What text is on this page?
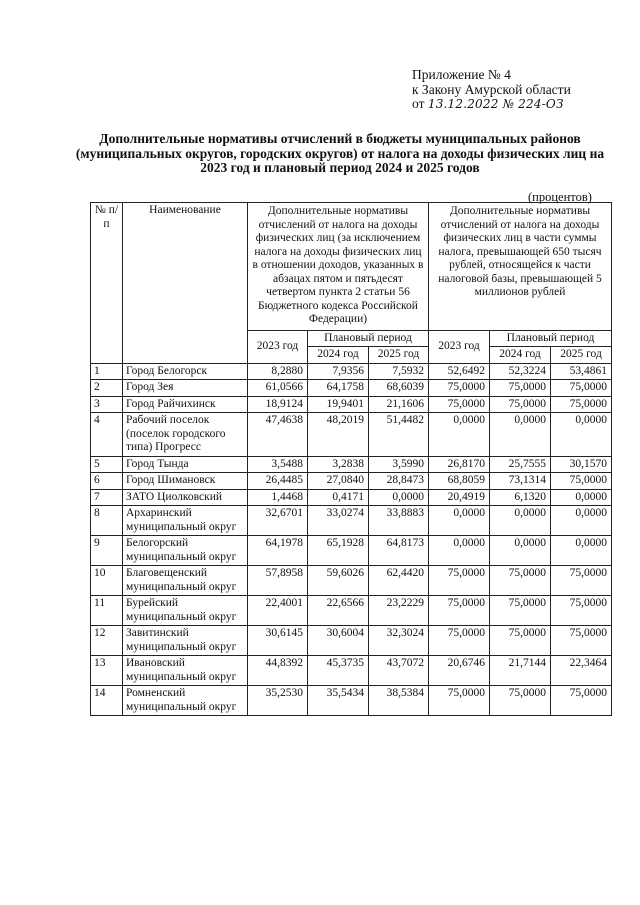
Приложение № 4
к Закону Амурской области
от 13.12.2022 № 224-ОЗ
Дополнительные нормативы отчислений в бюджеты муниципальных районов (муниципальных округов, городских округов) от налога на доходы физических лиц на 2023 год и плановый период 2024 и 2025 годов
(процентов)
№ п/п	Наименование	Дополнительные нормативы отчислений от налога на доходы физических лиц (за исключением налога на доходы физических лиц в отношении доходов, указанных в абзацах пятом и пятьдесят четвертом пункта 2 статьи 56 Бюджетного кодекса Российской Федерации)			Дополнительные нормативы отчислений от налога на доходы физических лиц в части суммы налога, превышающей 650 тысяч рублей, относящейся к части налоговой базы, превышающей 5 миллионов рублей		
		2023 год	Плановый период		2023 год	Плановый период	
			2024 год	2025 год		2024 год	2025 год
1	Город Белогорск	8,2880	7,9356	7,5932	52,6492	52,3224	53,4861
2	Город Зея	61,0566	64,1758	68,6039	75,0000	75,0000	75,0000
3	Город Райчихинск	18,9124	19,9401	21,1606	75,0000	75,0000	75,0000
4	Рабочий поселок (поселок городского типа) Прогресс	47,4638	48,2019	51,4482	0,0000	0,0000	0,0000
5	Город Тында	3,5488	3,2838	3,5990	26,8170	25,7555	30,1570
6	Город Шимановск	26,4485	27,0840	28,8473	68,8059	73,1314	75,0000
7	ЗАТО Циолковский	1,4468	0,4171	0,0000	20,4919	6,1320	0,0000
8	Архаринский муниципальный округ	32,6701	33,0274	33,8883	0,0000	0,0000	0,0000
9	Белогорский муниципальный округ	64,1978	65,1928	64,8173	0,0000	0,0000	0,0000
10	Благовещенский муниципальный округ	57,8958	59,6026	62,4420	75,0000	75,0000	75,0000
11	Бурейский муниципальный округ	22,4001	22,6566	23,2229	75,0000	75,0000	75,0000
12	Завитинский муниципальный округ	30,6145	30,6004	32,3024	75,0000	75,0000	75,0000
13	Ивановский муниципальный округ	44,8392	45,3735	43,7072	20,6746	21,7144	22,3464
14	Ромненский муниципальный округ	35,2530	35,5434	38,5384	75,0000	75,0000	75,0000
